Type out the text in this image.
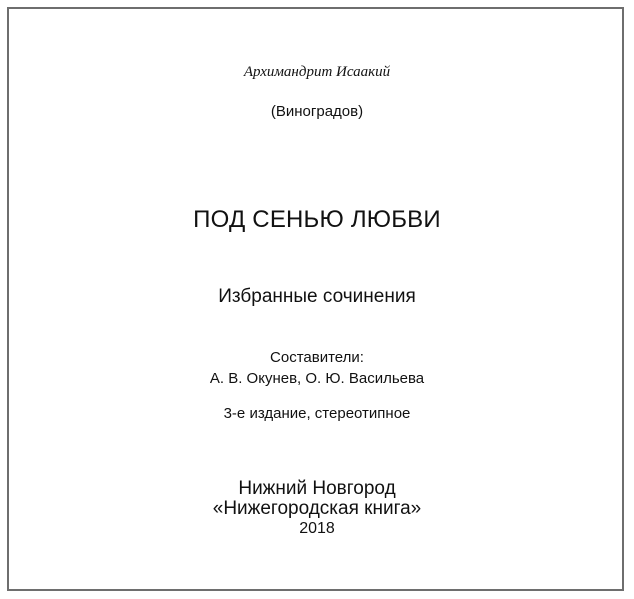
Архимандрит Исаакий
(Виноградов)
ПОД СЕНЬЮ ЛЮБВИ
Избранные сочинения
Составители:
А. В. Окунев, О. Ю. Васильева
3-е издание, стереотипное
Нижний Новгород
«Нижегородская книга»
2018
